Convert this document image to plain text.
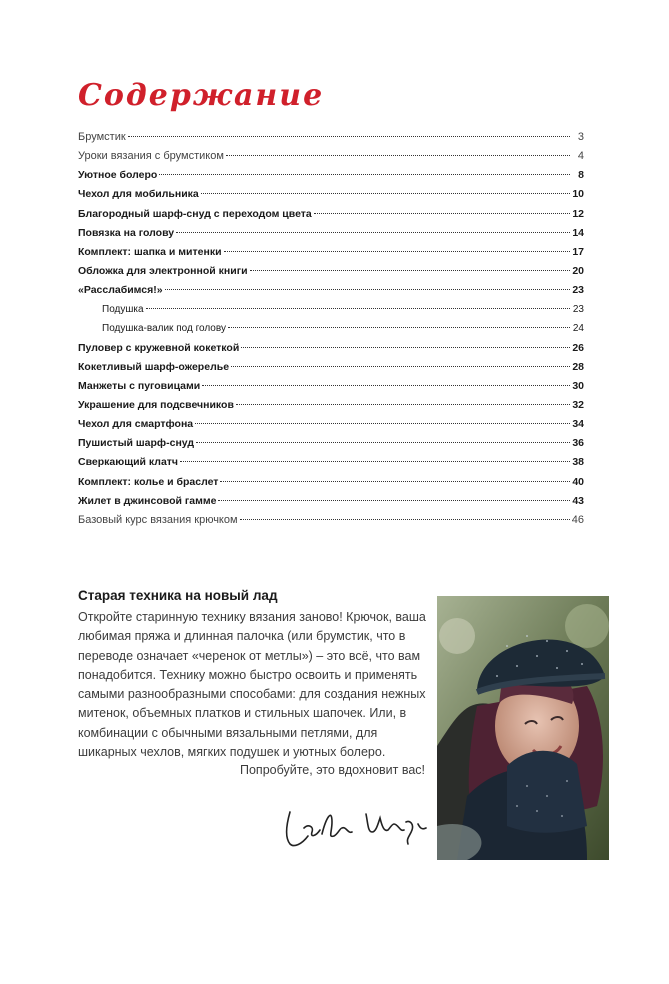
Содержание
Брумстик	3
Уроки вязания с брумстиком	4
Уютное болеро	8
Чехол для мобильника	10
Благородный шарф-снуд с переходом цвета	12
Повязка на голову	14
Комплект: шапка и митенки	17
Обложка для электронной книги	20
«Расслабимся!»	23
Подушка	23
Подушка-валик под голову	24
Пуловер с кружевной кокеткой	26
Кокетливый шарф-ожерелье	28
Манжеты с пуговицами	30
Украшение для подсвечников	32
Чехол для смартфона	34
Пушистый шарф-снуд	36
Сверкающий клатч	38
Комплект: колье и браслет	40
Жилет в джинсовой гамме	43
Базовый курс вязания крючком	46
Старая техника на новый лад

Откройте старинную технику вязания заново! Крючок, ваша любимая пряжа и длинная палочка (или брумстик, что в переводе означает «черенок от метлы») – это всё, что вам понадобится. Технику можно быстро освоить и применять самыми разнообразными способами: для создания нежных митенок, объемных платков и стильных шапочек. Или, в комбинации с обычными вязальными петлями, для шикарных чехлов, мягких подушек и уютных болеро.

Попробуйте, это вдохновит вас!
